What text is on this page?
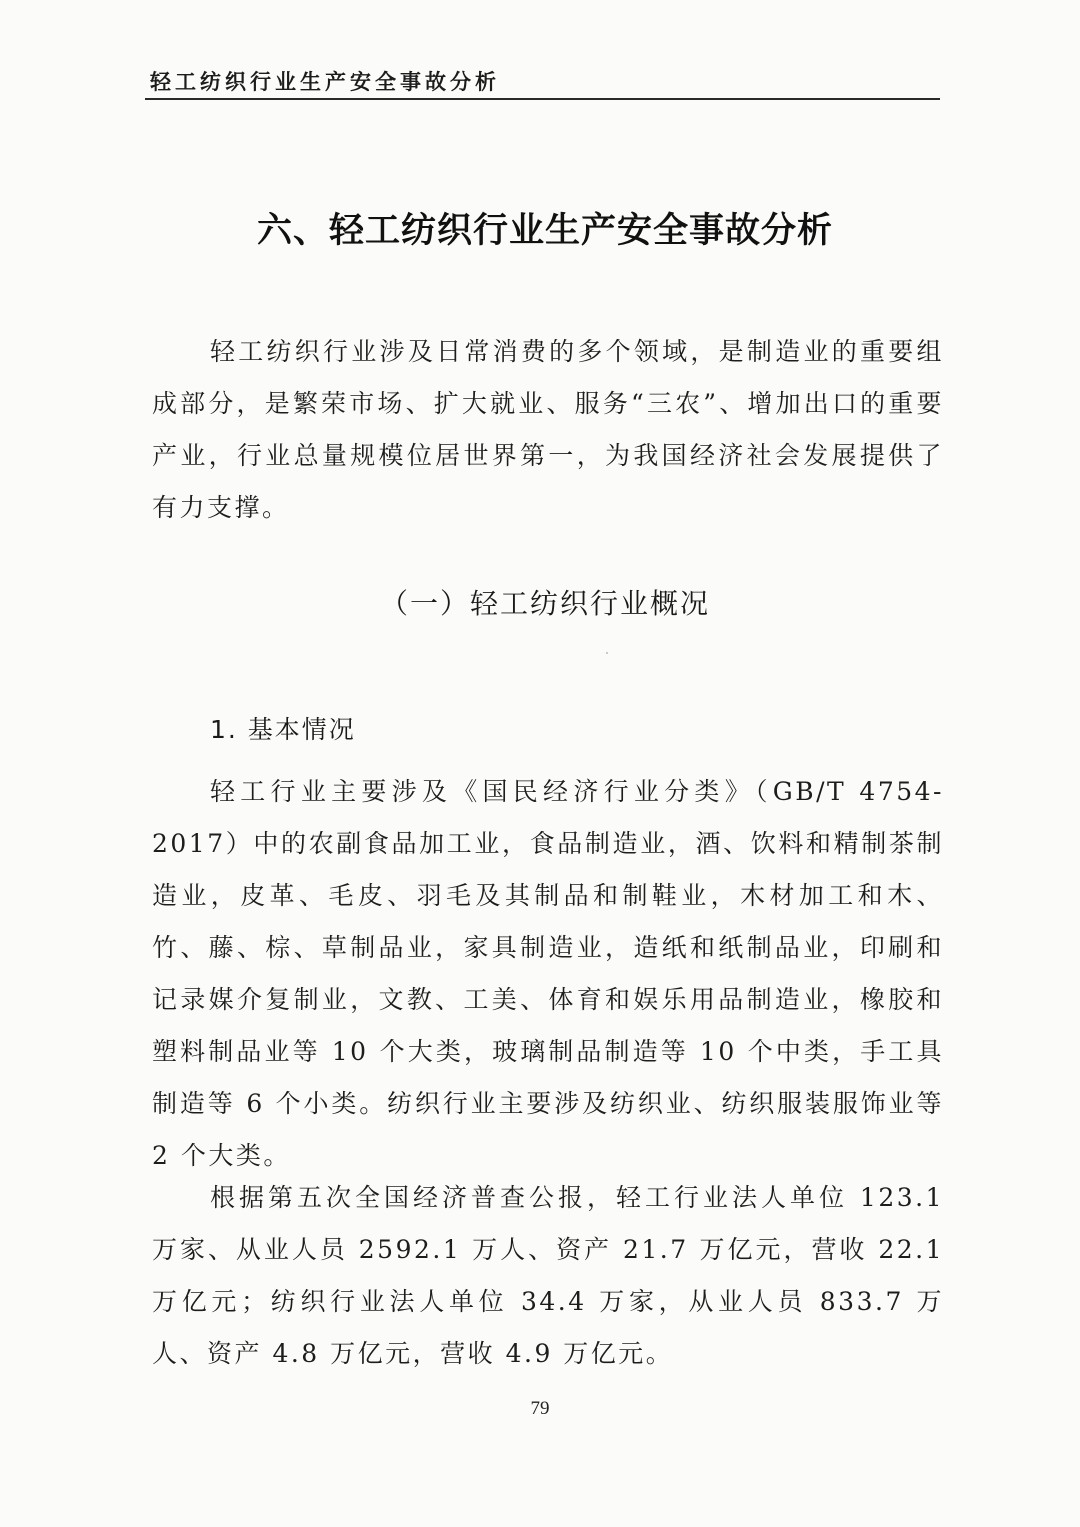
轻工纺织行业生产安全事故分析
六、轻工纺织行业生产安全事故分析

轻工纺织行业涉及日常消费的多个领域，是制造业的重要组成部分，是繁荣市场、扩大就业、服务“三农”、增加出口的重要产业，行业总量规模位居世界第一，为我国经济社会发展提供了有力支撑。

（一）轻工纺织行业概况
1. 基本情况

轻工行业主要涉及《国民经济行业分类》（GB/T 4754-2017）中的农副食品加工业，食品制造业，酒、饮料和精制茶制造业，皮革、毛皮、羽毛及其制品和制鞋业，木材加工和木、竹、藤、棕、草制品业，家具制造业，造纸和纸制品业，印刷和记录媒介复制业，文教、工美、体育和娱乐用品制造业，橡胶和塑料制品业等 10 个大类，玻璃制品制造等 10 个中类，手工具制造等 6 个小类。纺织行业主要涉及纺织业、纺织服装服饰业等 2 个大类。

根据第五次全国经济普查公报，轻工行业法人单位 123.1 万家、从业人员 2592.1 万人、资产 21.7 万亿元，营收 22.1 万亿元；纺织行业法人单位 34.4 万家，从业人员 833.7 万人、资产 4.8 万亿元，营收 4.9 万亿元。

79
